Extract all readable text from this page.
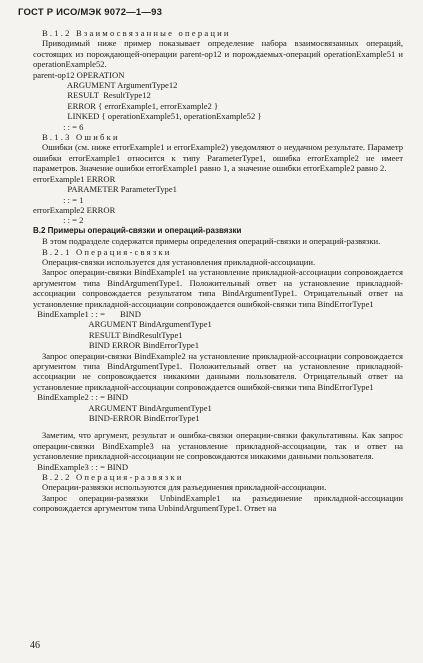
ГОСТ Р ИСО/МЭК 9072—1—93
B.1.2 Взаимосвязанные операции
Приводимый ниже пример показывает определение набора взаимосвязанных операций, состоящих из порождающей-операции parent-op12 и порождаемых-операций operationExample51 и operationExample52.
parent-op12 OPERATION
ARGUMENT ArgumentType12
RESULT  ResultType12
ERROR { errorExample1, errorExample2 }
LINKED { operationExample51, operationExample52 }
: : = 6
B.1.3 Ошибки
Ошибки (см. ниже errorExample1 и errorExample2) уведомляют о неудачном результате. Параметр ошибки errorExample1 относится к типу ParameterType1, ошибка errorExample2 не имеет параметров. Значение ошибки errorExample1 равно 1, а значение ошибки errorExample2 равно 2.
errorExample1 ERROR
PARAMETER ParameterType1
: : = 1
errorExample2 ERROR
: : = 2
B.2 Примеры операций-связки и операций-развязки
В этом подразделе содержатся примеры определения операций-связки и операций-развязки.
B.2.1 Операция-связки
Операция-связки используется для установления прикладной-ассоциации.
Запрос операции-связки BindExample1 на установление прикладной-ассоциации сопровождается аргументом типа BindArgumentType1. Положительный ответ на установление прикладной-ассоциации сопровождается результатом типа BindArgumentType1. Отрицательный ответ на установление прикладной-ассоциации сопровождается ошибкой-связки типа BindErrorType1
BindExample1 : : =       BIND
ARGUMENT BindArgumentType1
RESULT BindResultType1
BIND ERROR BindErrorType1
Запрос операции-связки BindExample2 на установление прикладной-ассоциации сопровождается аргументом типа BindArgumentType1. Положительный ответ на установление прикладной-ассоциации не сопровождается никакими данными пользователя. Отрицательный ответ на установление прикладной-ассоциации сопровождается ошибкой-связки типа BindErrorType1
BindExample2 : : = BIND
ARGUMENT BindArgumentType1
BIND-ERROR BindErrorType1
Заметим, что аргумент, результат и ошибка-связки операции-связки факультативны. Как запрос операции-связки BindExample3 на установление прикладной-ассоциации, так и ответ на установление прикладной-ассоциации не сопровождаются никакими данными пользователя.
BindExample3 : : = BIND
B.2.2 Операция-развязки
Операции-развязки используются для разъединения прикладной-ассоциации.
Запрос операции-развязки UnbindExample1 на разъединение прикладной-ассоциации сопровождается аргументом типа UnbindArgumentType1. Ответ на
46
